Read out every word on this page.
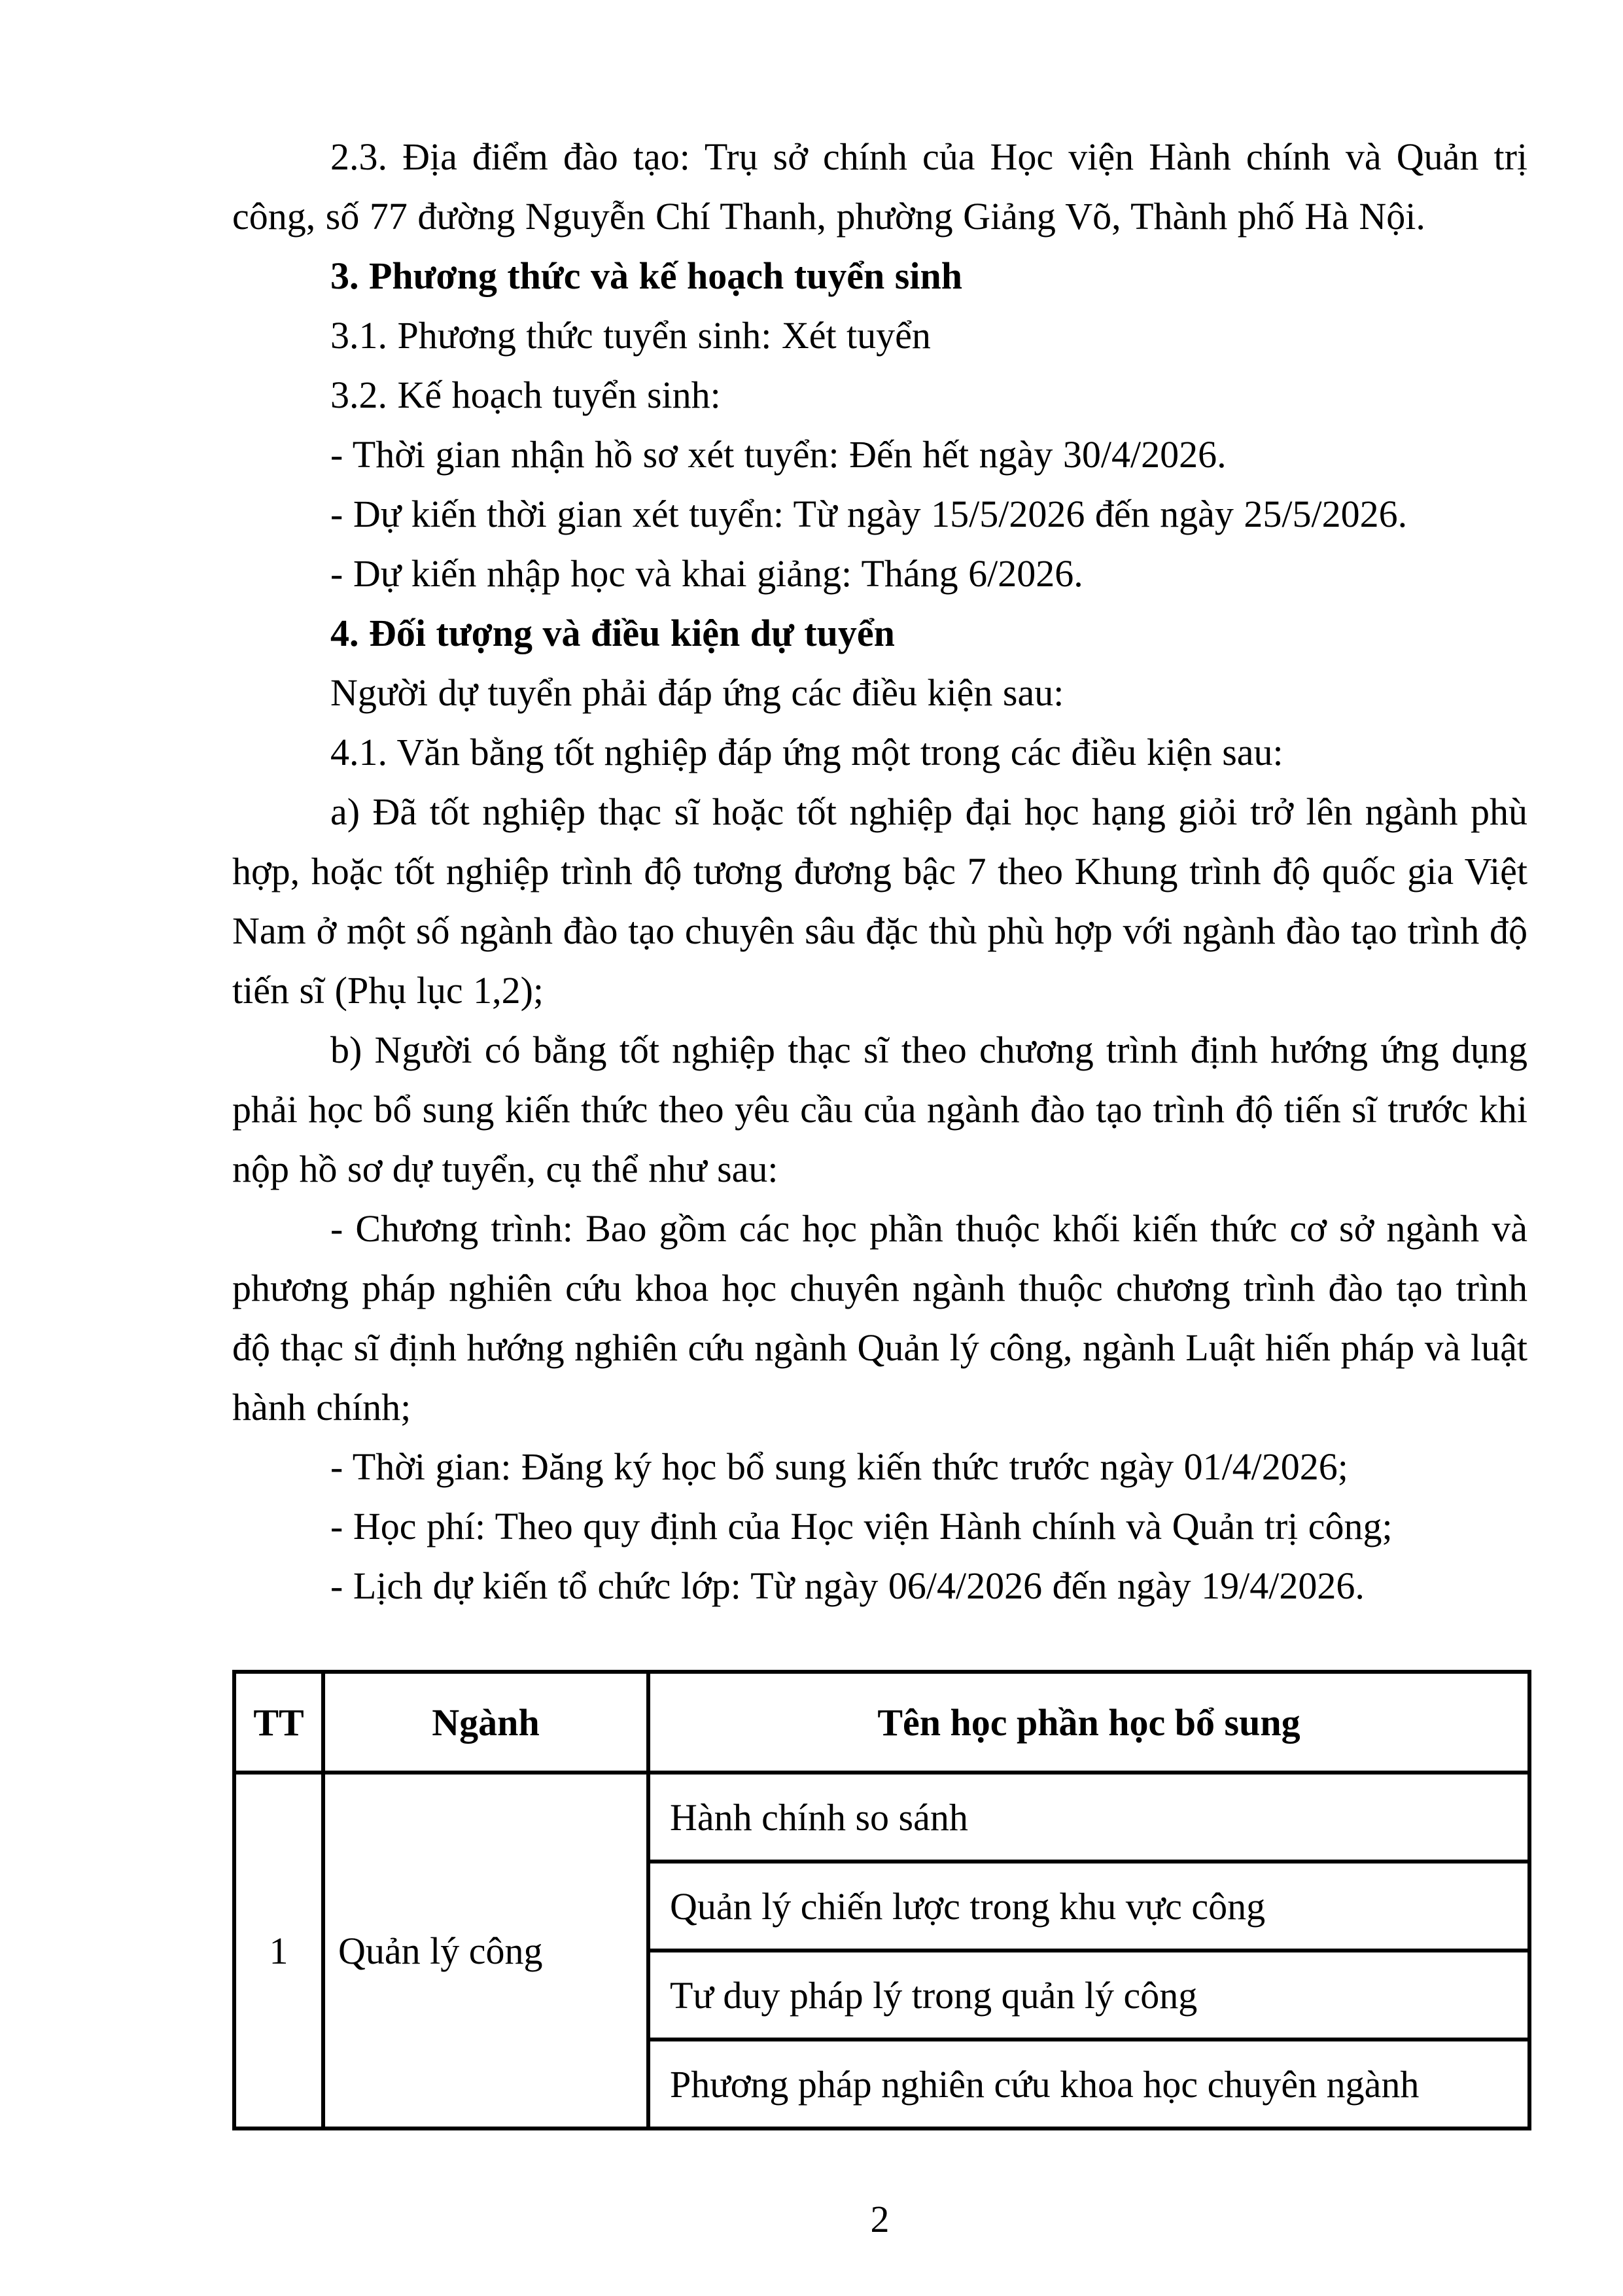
2.3. Địa điểm đào tạo: Trụ sở chính của Học viện Hành chính và Quản trị công, số 77 đường Nguyễn Chí Thanh, phường Giảng Võ, Thành phố Hà Nội.

3. Phương thức và kế hoạch tuyển sinh

3.1. Phương thức tuyển sinh: Xét tuyển

3.2. Kế hoạch tuyển sinh:

- Thời gian nhận hồ sơ xét tuyển: Đến hết ngày 30/4/2026.

- Dự kiến thời gian xét tuyển: Từ ngày 15/5/2026 đến ngày 25/5/2026.

- Dự kiến nhập học và khai giảng: Tháng 6/2026.

4. Đối tượng và điều kiện dự tuyển

Người dự tuyển phải đáp ứng các điều kiện sau:

4.1. Văn bằng tốt nghiệp đáp ứng một trong các điều kiện sau:

a) Đã tốt nghiệp thạc sĩ hoặc tốt nghiệp đại học hạng giỏi trở lên ngành phù hợp, hoặc tốt nghiệp trình độ tương đương bậc 7 theo Khung trình độ quốc gia Việt Nam ở một số ngành đào tạo chuyên sâu đặc thù phù hợp với ngành đào tạo trình độ tiến sĩ (Phụ lục 1,2);

b) Người có bằng tốt nghiệp thạc sĩ theo chương trình định hướng ứng dụng phải học bổ sung kiến thức theo yêu cầu của ngành đào tạo trình độ tiến sĩ trước khi nộp hồ sơ dự tuyển, cụ thể như sau:

- Chương trình: Bao gồm các học phần thuộc khối kiến thức cơ sở ngành và phương pháp nghiên cứu khoa học chuyên ngành thuộc chương trình đào tạo trình độ thạc sĩ định hướng nghiên cứu ngành Quản lý công, ngành Luật hiến pháp và luật hành chính;

- Thời gian: Đăng ký học bổ sung kiến thức trước ngày 01/4/2026;

- Học phí: Theo quy định của Học viện Hành chính và Quản trị công;

- Lịch dự kiến tổ chức lớp: Từ ngày 06/4/2026 đến ngày 19/4/2026.

TT	Ngành	Tên học phần học bổ sung
1	Quản lý công	Hành chính so sánh
		Quản lý chiến lược trong khu vực công
		Tư duy pháp lý trong quản lý công
		Phương pháp nghiên cứu khoa học chuyên ngành
2
